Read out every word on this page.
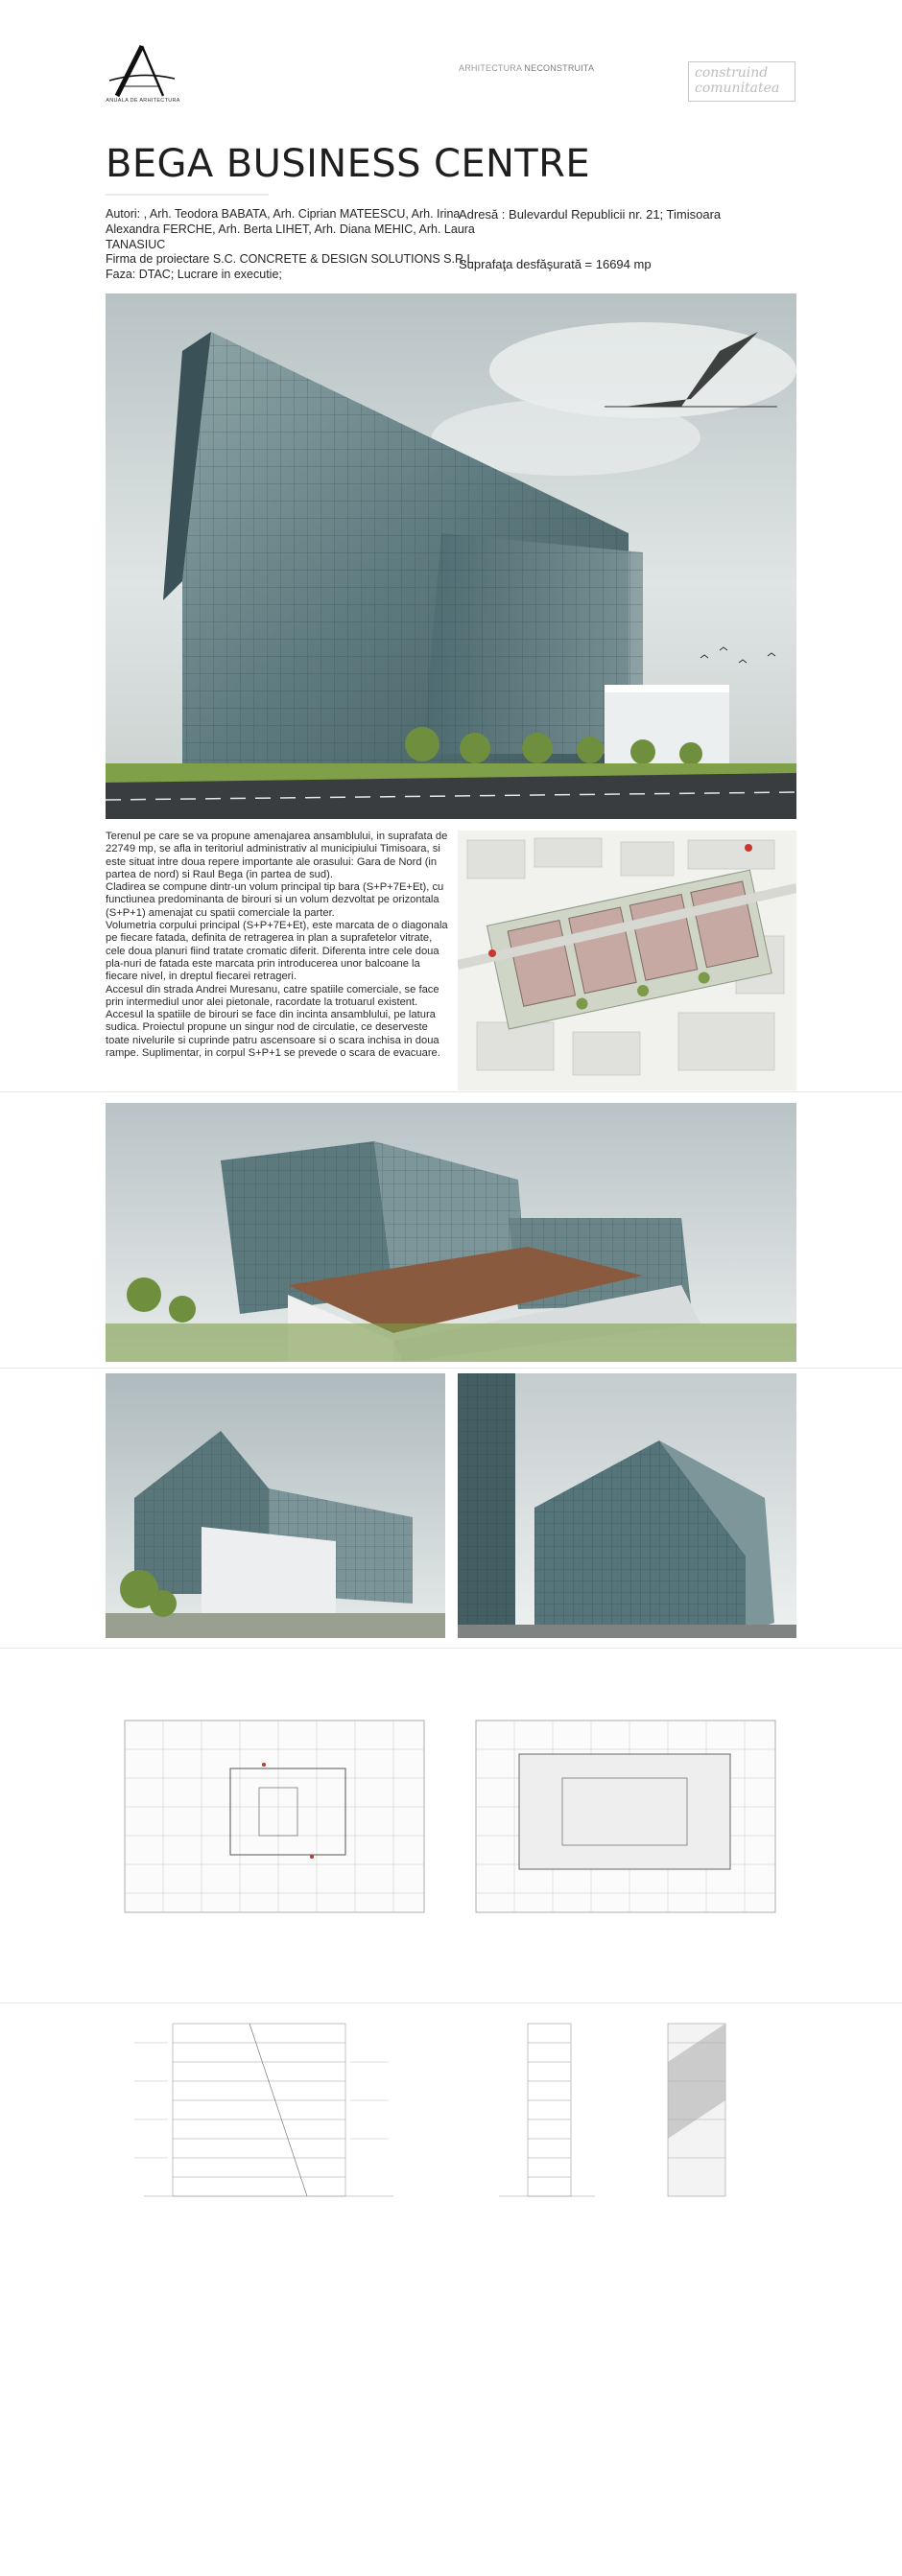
ANUALA DE ARHITECTURA
ARHITECTURA NECONSTRUITA	construind
comunitatea
BEGA BUSINESS CENTRE
Autori: , Arh. Teodora BABATA, Arh. Ciprian MATEESCU, Arh. Irina
Alexandra FERCHE, Arh. Berta LIHET, Arh. Diana MEHIC, Arh. Laura
TANASIUC
Firma de proiectare S.C. CONCRETE & DESIGN SOLUTIONS S.R.L.
Faza: DTAC; Lucrare in executie;
Adresă : Bulevardul Republicii nr. 21; Timisoara
Suprafaţa desfăşurată = 16694 mp

Terenul pe care se va propune amenajarea ansamblului, in suprafata de 22749 mp, se afla in teritoriul administrativ al municipiului Timisoara, si este situat intre doua repere importante ale orasului: Gara de Nord (in partea de nord) si Raul Bega (in partea de sud).

Cladirea se compune dintr-un volum principal tip bara (S+P+7E+Et), cu functiunea predominanta de birouri si un volum dezvoltat pe orizontala (S+P+1) amenajat cu spatii comerciale la parter.

Volumetria corpului principal (S+P+7E+Et), este marcata de o diagonala pe fiecare fatada, definita de retragerea in plan a suprafetelor vitrate, cele doua planuri fiind tratate cromatic diferit. Diferenta intre cele doua pla-nuri de fatada este marcata prin introducerea unor balcoane la fiecare nivel, in dreptul fiecarei retrageri.

Accesul din strada Andrei Muresanu, catre spatiile comerciale, se face prin intermediul unor alei pietonale, racordate la trotuarul existent.

Accesul la spatiile de birouri se face din incinta ansamblului, pe latura sudica. Proiectul propune un singur nod de circulatie, ce deserveste toate nivelurile si cuprinde patru ascensoare si o scara inchisa in doua rampe. Suplimentar, in corpul S+P+1 se prevede o scara de evacuare.
